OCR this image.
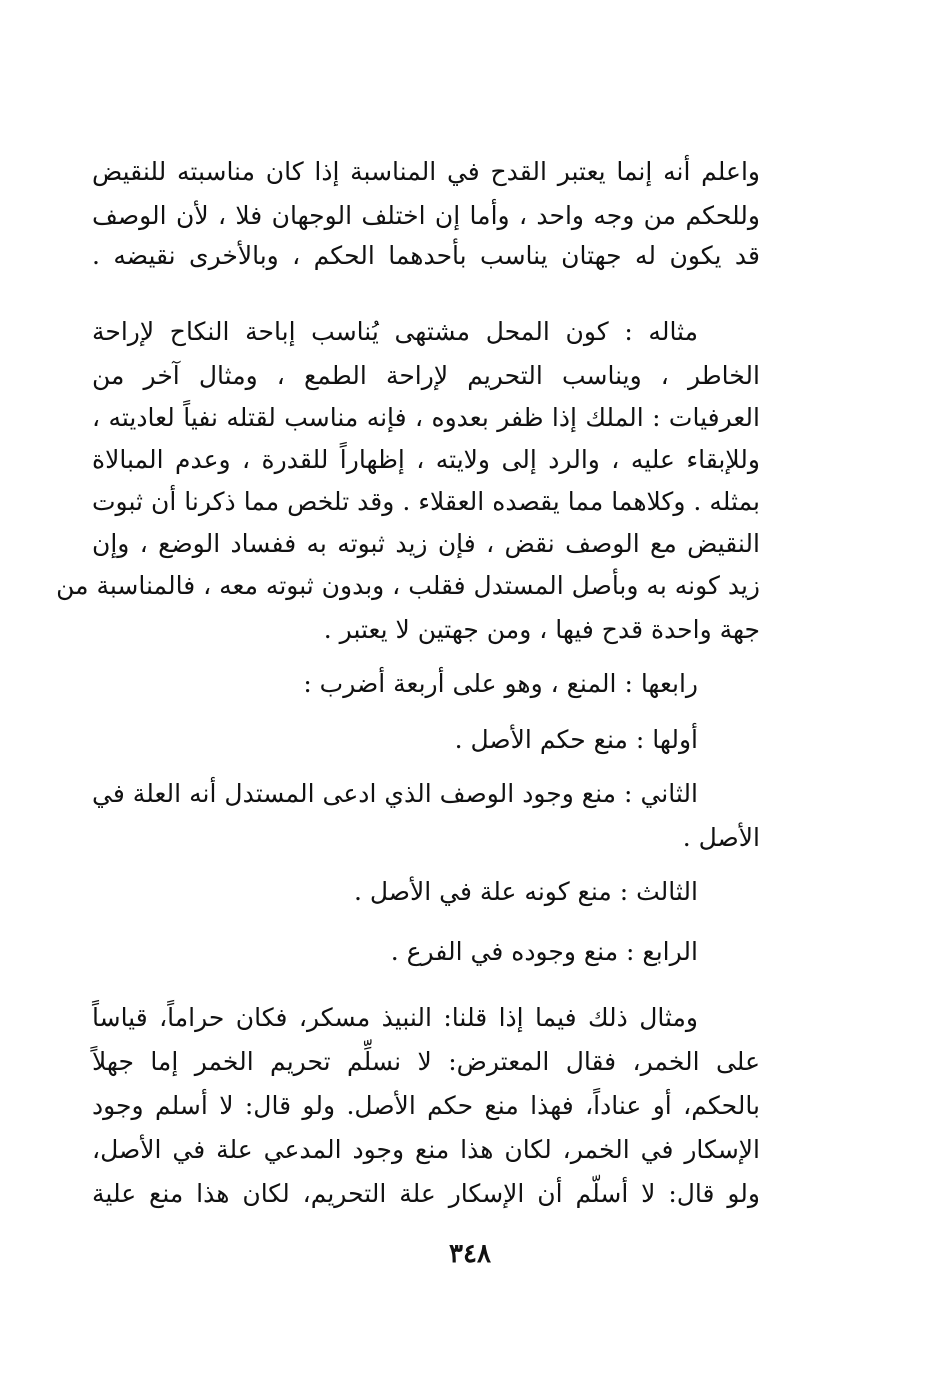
واعلم أنه إنما يعتبر القدح في المناسبة إذا كان مناسبته للنقيض
وللحكم من وجه واحد ، وأما إن اختلف الوجهان فلا ، لأن الوصف
قد يكون له جهتان يناسب بأحدهما الحكم ، وبالأخرى نقيضه .
مثاله : كون المحل مشتهى يُناسب إباحة النكاح لإراحة
الخاطر ، ويناسب التحريم لإراحة الطمع ، ومثال آخر من
العرفيات : الملك إذا ظفر بعدوه ، فإنه مناسب لقتله نفياً لعاديته ،
وللإبقاء عليه ، والرد إلى ولايته ، إظهاراً للقدرة ، وعدم المبالاة
بمثله . وكلاهما مما يقصده العقلاء . وقد تلخص مما ذكرنا أن ثبوت
النقيض مع الوصف نقض ، فإن زيد ثبوته به ففساد الوضع ، وإن
زيد كونه به وبأصل المستدل فقلب ، وبدون ثبوته معه ، فالمناسبة من
جهة واحدة قدح فيها ، ومن جهتين لا يعتبر .
رابعها : المنع ، وهو على أربعة أضرب :
أولها : منع حكم الأصل .
الثاني : منع وجود الوصف الذي ادعى المستدل أنه العلة في
الأصل .
الثالث : منع كونه علة في الأصل .
الرابع : منع وجوده في الفرع .
ومثال ذلك فيما إذا قلنا: النبيذ مسكر، فكان حراماً، قياساً
على الخمر، فقال المعترض: لا نسلِّم تحريم الخمر إما جهلاً
بالحكم، أو عناداً، فهذا منع حكم الأصل. ولو قال: لا أسلم وجود
الإسكار في الخمر، لكان هذا منع وجود المدعي علة في الأصل،
ولو قال: لا أسلّم أن الإسكار علة التحريم، لكان هذا منع علية
٣٤٨
